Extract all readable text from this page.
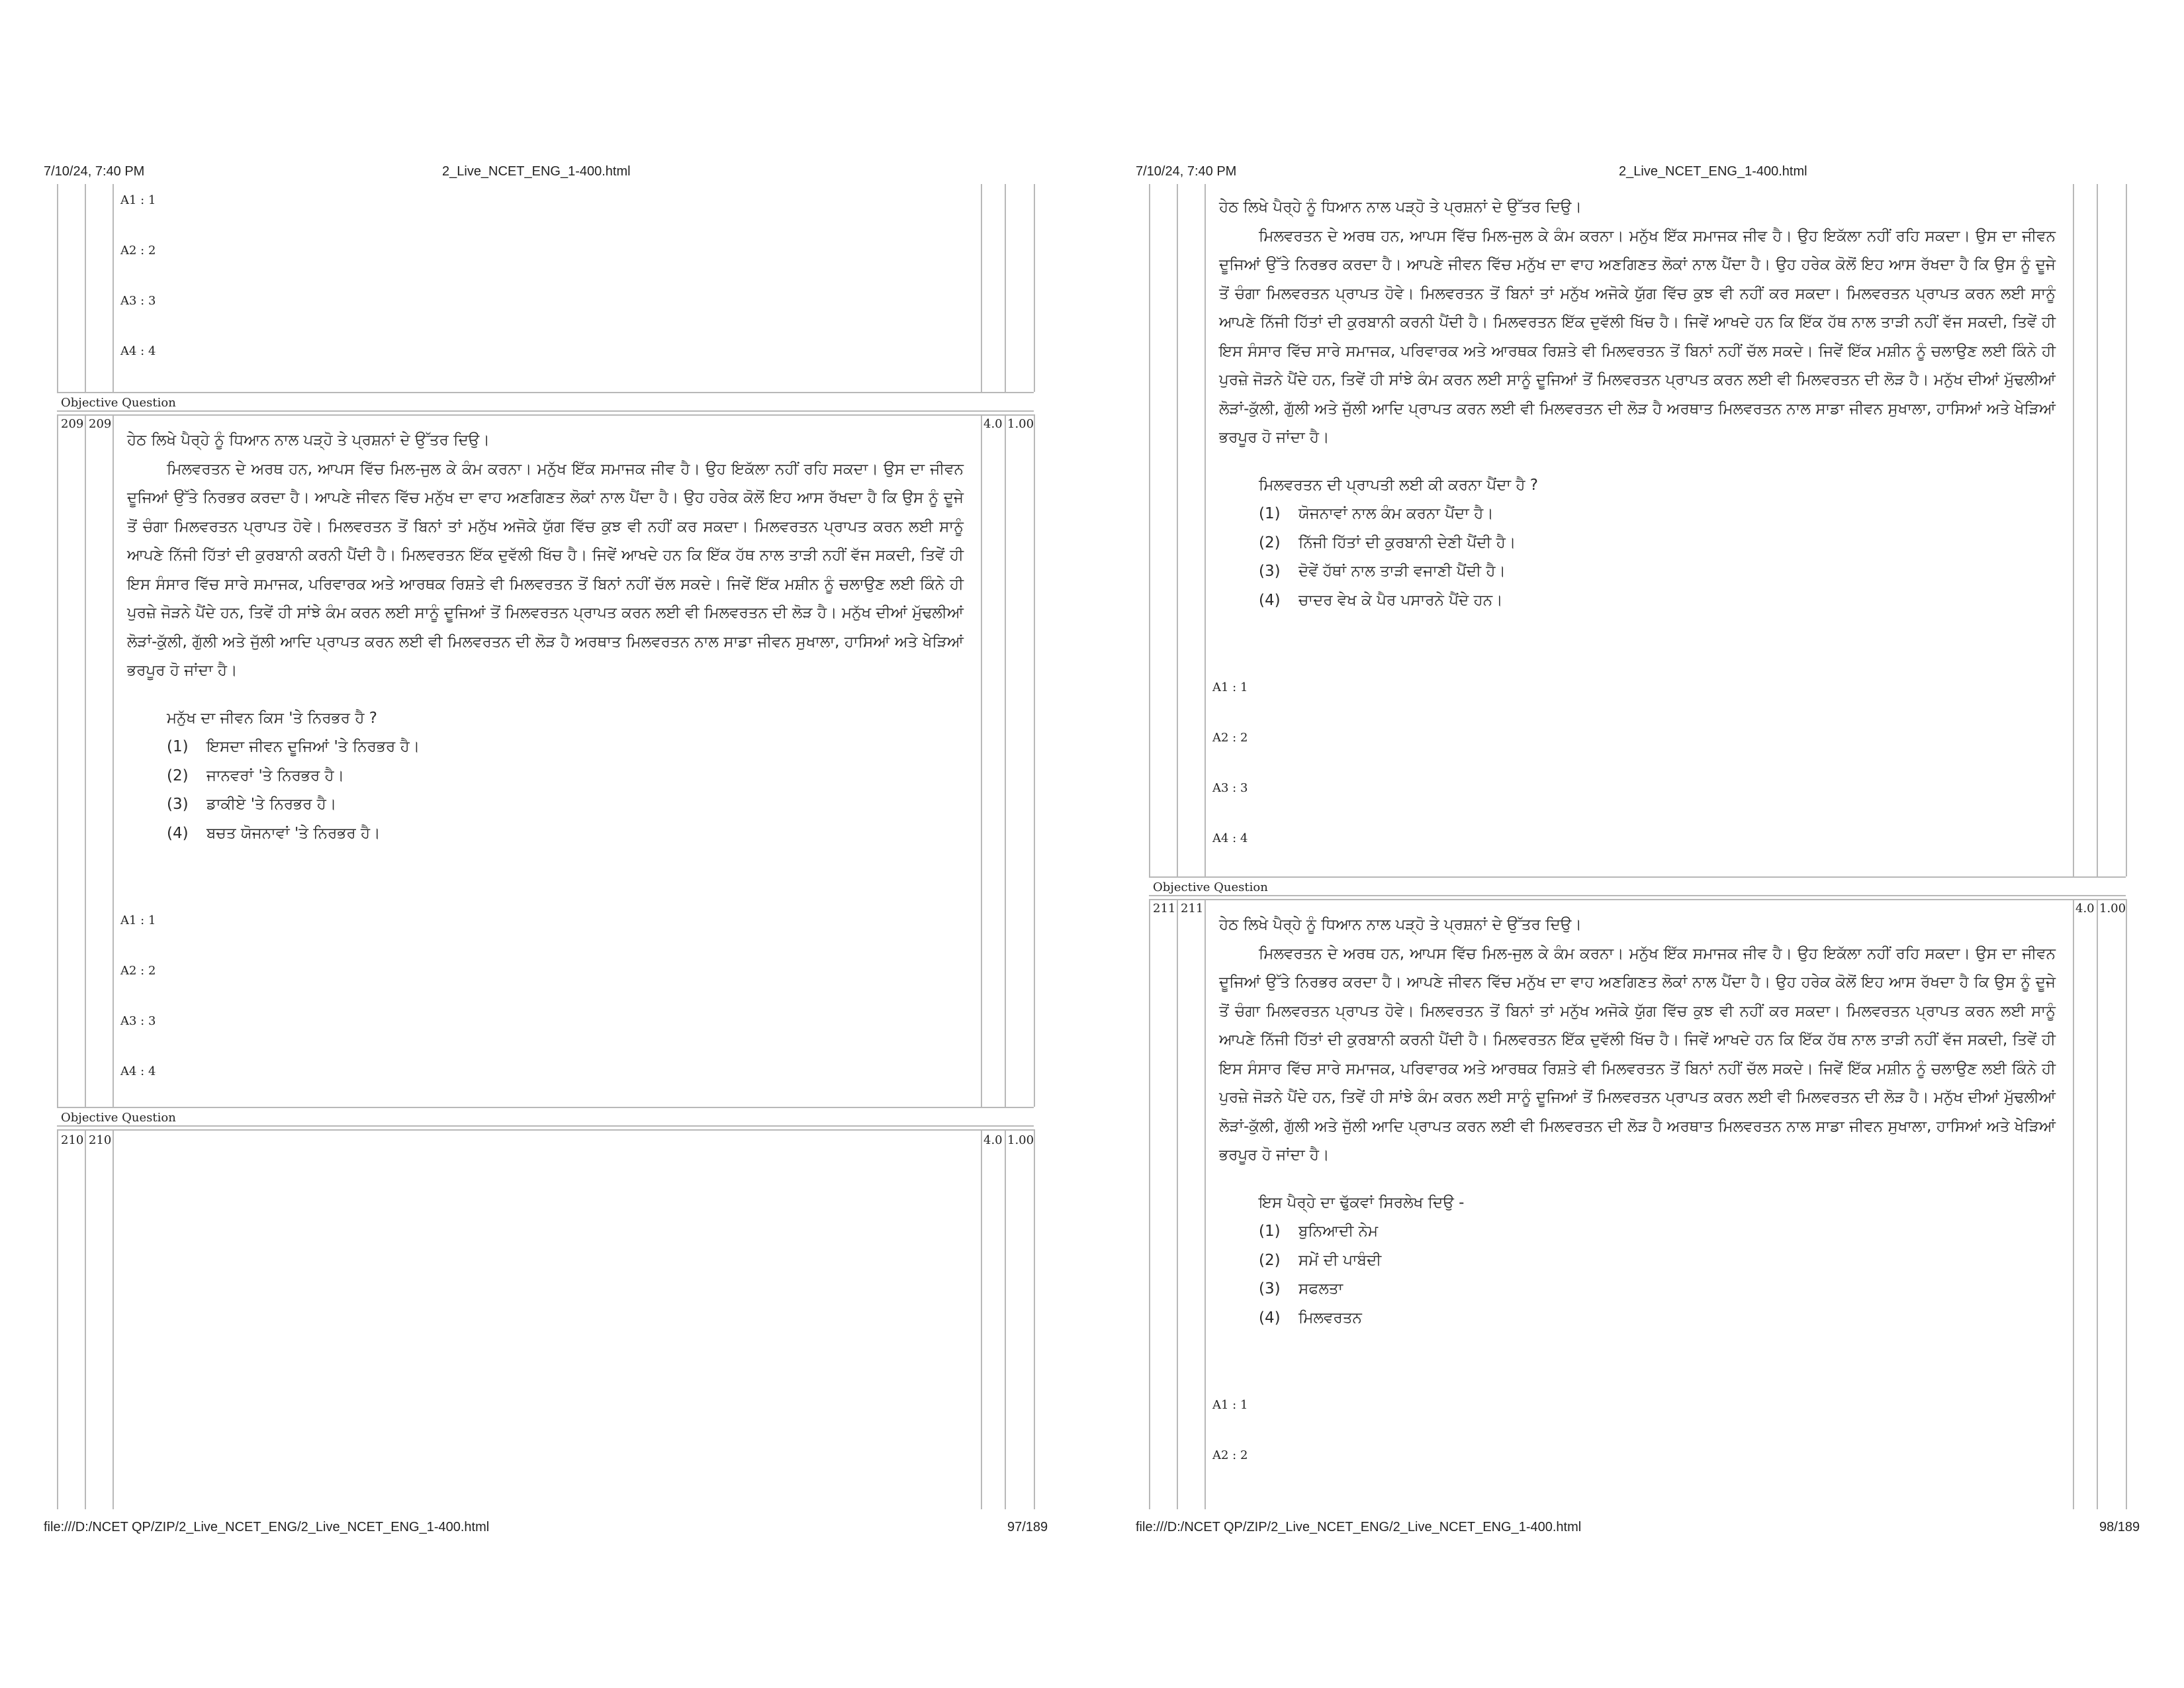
7/10/24, 7:40 PM	2_Live_NCET_ENG_1-400.html
A1 : 1
A2 : 2
A3 : 3
A4 : 4
Objective Question
209 209	4.0 1.00

ਹੇਠ ਲਿਖੇ ਪੈਰ੍ਹੇ ਨੂੰ ਧਿਆਨ ਨਾਲ ਪੜ੍ਹੋ ਤੇ ਪ੍ਰਸ਼ਨਾਂ ਦੇ ਉੱਤਰ ਦਿਉ।

ਮਿਲਵਰਤਨ ਦੇ ਅਰਥ ਹਨ, ਆਪਸ ਵਿੱਚ ਮਿਲ-ਜੁਲ ਕੇ ਕੰਮ ਕਰਨਾ। ਮਨੁੱਖ ਇੱਕ ਸਮਾਜਕ ਜੀਵ ਹੈ। ਉਹ ਇਕੱਲਾ ਨਹੀਂ ਰਹਿ ਸਕਦਾ। ਉਸ ਦਾ ਜੀਵਨ ਦੂਜਿਆਂ ਉੱਤੇ ਨਿਰਭਰ ਕਰਦਾ ਹੈ। ਆਪਣੇ ਜੀਵਨ ਵਿੱਚ ਮਨੁੱਖ ਦਾ ਵਾਹ ਅਣਗਿਣਤ ਲੋਕਾਂ ਨਾਲ ਪੈਂਦਾ ਹੈ। ਉਹ ਹਰੇਕ ਕੋਲੋਂ ਇਹ ਆਸ ਰੱਖਦਾ ਹੈ ਕਿ ਉਸ ਨੂੰ ਦੂਜੇ ਤੋਂ ਚੰਗਾ ਮਿਲਵਰਤਨ ਪ੍ਰਾਪਤ ਹੋਵੇ। ਮਿਲਵਰਤਨ ਤੋਂ ਬਿਨਾਂ ਤਾਂ ਮਨੁੱਖ ਅਜੋਕੇ ਯੁੱਗ ਵਿੱਚ ਕੁਝ ਵੀ ਨਹੀਂ ਕਰ ਸਕਦਾ। ਮਿਲਵਰਤਨ ਪ੍ਰਾਪਤ ਕਰਨ ਲਈ ਸਾਨੂੰ ਆਪਣੇ ਨਿੱਜੀ ਹਿੱਤਾਂ ਦੀ ਕੁਰਬਾਨੀ ਕਰਨੀ ਪੈਂਦੀ ਹੈ। ਮਿਲਵਰਤਨ ਇੱਕ ਦੁਵੱਲੀ ਖਿੱਚ ਹੈ। ਜਿਵੇਂ ਆਖਦੇ ਹਨ ਕਿ ਇੱਕ ਹੱਥ ਨਾਲ ਤਾੜੀ ਨਹੀਂ ਵੱਜ ਸਕਦੀ, ਤਿਵੇਂ ਹੀ ਇਸ ਸੰਸਾਰ ਵਿੱਚ ਸਾਰੇ ਸਮਾਜਕ, ਪਰਿਵਾਰਕ ਅਤੇ ਆਰਥਕ ਰਿਸ਼ਤੇ ਵੀ ਮਿਲਵਰਤਨ ਤੋਂ ਬਿਨਾਂ ਨਹੀਂ ਚੱਲ ਸਕਦੇ। ਜਿਵੇਂ ਇੱਕ ਮਸ਼ੀਨ ਨੂੰ ਚਲਾਉਣ ਲਈ ਕਿੰਨੇ ਹੀ ਪੁਰਜ਼ੇ ਜੋੜਨੇ ਪੈਂਦੇ ਹਨ, ਤਿਵੇਂ ਹੀ ਸਾਂਝੇ ਕੰਮ ਕਰਨ ਲਈ ਸਾਨੂੰ ਦੂਜਿਆਂ ਤੋਂ ਮਿਲਵਰਤਨ ਪ੍ਰਾਪਤ ਕਰਨ ਲਈ ਵੀ ਮਿਲਵਰਤਨ ਦੀ ਲੋੜ ਹੈ। ਮਨੁੱਖ ਦੀਆਂ ਮੁੱਢਲੀਆਂ ਲੋੜਾਂ-ਕੁੱਲੀ, ਗੁੱਲੀ ਅਤੇ ਜੁੱਲੀ ਆਦਿ ਪ੍ਰਾਪਤ ਕਰਨ ਲਈ ਵੀ ਮਿਲਵਰਤਨ ਦੀ ਲੋੜ ਹੈ ਅਰਥਾਤ ਮਿਲਵਰਤਨ ਨਾਲ ਸਾਡਾ ਜੀਵਨ ਸੁਖਾਲਾ, ਹਾਸਿਆਂ ਅਤੇ ਖੇੜਿਆਂ ਭਰਪੂਰ ਹੋ ਜਾਂਦਾ ਹੈ।

ਮਨੁੱਖ ਦਾ ਜੀਵਨ ਕਿਸ 'ਤੇ ਨਿਰਭਰ ਹੈ ?

(1)	ਇਸਦਾ ਜੀਵਨ ਦੂਜਿਆਂ 'ਤੇ ਨਿਰਭਰ ਹੈ।
(2)	ਜਾਨਵਰਾਂ 'ਤੇ ਨਿਰਭਰ ਹੈ।
(3)	ਡਾਕੀਏ 'ਤੇ ਨਿਰਭਰ ਹੈ।
(4)	ਬਚਤ ਯੋਜਨਾਵਾਂ 'ਤੇ ਨਿਰਭਰ ਹੈ।
A1 : 1
A2 : 2
A3 : 3
A4 : 4
Objective Question
210 210	4.0 1.00
file:///D:/NCET QP/ZIP/2_Live_NCET_ENG/2_Live_NCET_ENG_1-400.html	97/189
7/10/24, 7:40 PM	2_Live_NCET_ENG_1-400.html

ਹੇਠ ਲਿਖੇ ਪੈਰ੍ਹੇ ਨੂੰ ਧਿਆਨ ਨਾਲ ਪੜ੍ਹੋ ਤੇ ਪ੍ਰਸ਼ਨਾਂ ਦੇ ਉੱਤਰ ਦਿਉ।

ਮਿਲਵਰਤਨ ਦੇ ਅਰਥ ਹਨ, ਆਪਸ ਵਿੱਚ ਮਿਲ-ਜੁਲ ਕੇ ਕੰਮ ਕਰਨਾ। ਮਨੁੱਖ ਇੱਕ ਸਮਾਜਕ ਜੀਵ ਹੈ। ਉਹ ਇਕੱਲਾ ਨਹੀਂ ਰਹਿ ਸਕਦਾ। ਉਸ ਦਾ ਜੀਵਨ ਦੂਜਿਆਂ ਉੱਤੇ ਨਿਰਭਰ ਕਰਦਾ ਹੈ। ਆਪਣੇ ਜੀਵਨ ਵਿੱਚ ਮਨੁੱਖ ਦਾ ਵਾਹ ਅਣਗਿਣਤ ਲੋਕਾਂ ਨਾਲ ਪੈਂਦਾ ਹੈ। ਉਹ ਹਰੇਕ ਕੋਲੋਂ ਇਹ ਆਸ ਰੱਖਦਾ ਹੈ ਕਿ ਉਸ ਨੂੰ ਦੂਜੇ ਤੋਂ ਚੰਗਾ ਮਿਲਵਰਤਨ ਪ੍ਰਾਪਤ ਹੋਵੇ। ਮਿਲਵਰਤਨ ਤੋਂ ਬਿਨਾਂ ਤਾਂ ਮਨੁੱਖ ਅਜੋਕੇ ਯੁੱਗ ਵਿੱਚ ਕੁਝ ਵੀ ਨਹੀਂ ਕਰ ਸਕਦਾ। ਮਿਲਵਰਤਨ ਪ੍ਰਾਪਤ ਕਰਨ ਲਈ ਸਾਨੂੰ ਆਪਣੇ ਨਿੱਜੀ ਹਿੱਤਾਂ ਦੀ ਕੁਰਬਾਨੀ ਕਰਨੀ ਪੈਂਦੀ ਹੈ। ਮਿਲਵਰਤਨ ਇੱਕ ਦੁਵੱਲੀ ਖਿੱਚ ਹੈ। ਜਿਵੇਂ ਆਖਦੇ ਹਨ ਕਿ ਇੱਕ ਹੱਥ ਨਾਲ ਤਾੜੀ ਨਹੀਂ ਵੱਜ ਸਕਦੀ, ਤਿਵੇਂ ਹੀ ਇਸ ਸੰਸਾਰ ਵਿੱਚ ਸਾਰੇ ਸਮਾਜਕ, ਪਰਿਵਾਰਕ ਅਤੇ ਆਰਥਕ ਰਿਸ਼ਤੇ ਵੀ ਮਿਲਵਰਤਨ ਤੋਂ ਬਿਨਾਂ ਨਹੀਂ ਚੱਲ ਸਕਦੇ। ਜਿਵੇਂ ਇੱਕ ਮਸ਼ੀਨ ਨੂੰ ਚਲਾਉਣ ਲਈ ਕਿੰਨੇ ਹੀ ਪੁਰਜ਼ੇ ਜੋੜਨੇ ਪੈਂਦੇ ਹਨ, ਤਿਵੇਂ ਹੀ ਸਾਂਝੇ ਕੰਮ ਕਰਨ ਲਈ ਸਾਨੂੰ ਦੂਜਿਆਂ ਤੋਂ ਮਿਲਵਰਤਨ ਪ੍ਰਾਪਤ ਕਰਨ ਲਈ ਵੀ ਮਿਲਵਰਤਨ ਦੀ ਲੋੜ ਹੈ। ਮਨੁੱਖ ਦੀਆਂ ਮੁੱਢਲੀਆਂ ਲੋੜਾਂ-ਕੁੱਲੀ, ਗੁੱਲੀ ਅਤੇ ਜੁੱਲੀ ਆਦਿ ਪ੍ਰਾਪਤ ਕਰਨ ਲਈ ਵੀ ਮਿਲਵਰਤਨ ਦੀ ਲੋੜ ਹੈ ਅਰਥਾਤ ਮਿਲਵਰਤਨ ਨਾਲ ਸਾਡਾ ਜੀਵਨ ਸੁਖਾਲਾ, ਹਾਸਿਆਂ ਅਤੇ ਖੇੜਿਆਂ ਭਰਪੂਰ ਹੋ ਜਾਂਦਾ ਹੈ।

ਮਿਲਵਰਤਨ ਦੀ ਪ੍ਰਾਪਤੀ ਲਈ ਕੀ ਕਰਨਾ ਪੈਂਦਾ ਹੈ ?

(1)	ਯੋਜਨਾਵਾਂ ਨਾਲ ਕੰਮ ਕਰਨਾ ਪੈਂਦਾ ਹੈ।
(2)	ਨਿੱਜੀ ਹਿੱਤਾਂ ਦੀ ਕੁਰਬਾਨੀ ਦੇਣੀ ਪੈਂਦੀ ਹੈ।
(3)	ਦੋਵੇਂ ਹੱਥਾਂ ਨਾਲ ਤਾੜੀ ਵਜਾਣੀ ਪੈਂਦੀ ਹੈ।
(4)	ਚਾਦਰ ਵੇਖ ਕੇ ਪੈਰ ਪਸਾਰਨੇ ਪੈਂਦੇ ਹਨ।
A1 : 1
A2 : 2
A3 : 3
A4 : 4
Objective Question
211 211	4.0 1.00

ਹੇਠ ਲਿਖੇ ਪੈਰ੍ਹੇ ਨੂੰ ਧਿਆਨ ਨਾਲ ਪੜ੍ਹੋ ਤੇ ਪ੍ਰਸ਼ਨਾਂ ਦੇ ਉੱਤਰ ਦਿਉ।

ਮਿਲਵਰਤਨ ਦੇ ਅਰਥ ਹਨ, ਆਪਸ ਵਿੱਚ ਮਿਲ-ਜੁਲ ਕੇ ਕੰਮ ਕਰਨਾ। ਮਨੁੱਖ ਇੱਕ ਸਮਾਜਕ ਜੀਵ ਹੈ। ਉਹ ਇਕੱਲਾ ਨਹੀਂ ਰਹਿ ਸਕਦਾ। ਉਸ ਦਾ ਜੀਵਨ ਦੂਜਿਆਂ ਉੱਤੇ ਨਿਰਭਰ ਕਰਦਾ ਹੈ। ਆਪਣੇ ਜੀਵਨ ਵਿੱਚ ਮਨੁੱਖ ਦਾ ਵਾਹ ਅਣਗਿਣਤ ਲੋਕਾਂ ਨਾਲ ਪੈਂਦਾ ਹੈ। ਉਹ ਹਰੇਕ ਕੋਲੋਂ ਇਹ ਆਸ ਰੱਖਦਾ ਹੈ ਕਿ ਉਸ ਨੂੰ ਦੂਜੇ ਤੋਂ ਚੰਗਾ ਮਿਲਵਰਤਨ ਪ੍ਰਾਪਤ ਹੋਵੇ। ਮਿਲਵਰਤਨ ਤੋਂ ਬਿਨਾਂ ਤਾਂ ਮਨੁੱਖ ਅਜੋਕੇ ਯੁੱਗ ਵਿੱਚ ਕੁਝ ਵੀ ਨਹੀਂ ਕਰ ਸਕਦਾ। ਮਿਲਵਰਤਨ ਪ੍ਰਾਪਤ ਕਰਨ ਲਈ ਸਾਨੂੰ ਆਪਣੇ ਨਿੱਜੀ ਹਿੱਤਾਂ ਦੀ ਕੁਰਬਾਨੀ ਕਰਨੀ ਪੈਂਦੀ ਹੈ। ਮਿਲਵਰਤਨ ਇੱਕ ਦੁਵੱਲੀ ਖਿੱਚ ਹੈ। ਜਿਵੇਂ ਆਖਦੇ ਹਨ ਕਿ ਇੱਕ ਹੱਥ ਨਾਲ ਤਾੜੀ ਨਹੀਂ ਵੱਜ ਸਕਦੀ, ਤਿਵੇਂ ਹੀ ਇਸ ਸੰਸਾਰ ਵਿੱਚ ਸਾਰੇ ਸਮਾਜਕ, ਪਰਿਵਾਰਕ ਅਤੇ ਆਰਥਕ ਰਿਸ਼ਤੇ ਵੀ ਮਿਲਵਰਤਨ ਤੋਂ ਬਿਨਾਂ ਨਹੀਂ ਚੱਲ ਸਕਦੇ। ਜਿਵੇਂ ਇੱਕ ਮਸ਼ੀਨ ਨੂੰ ਚਲਾਉਣ ਲਈ ਕਿੰਨੇ ਹੀ ਪੁਰਜ਼ੇ ਜੋੜਨੇ ਪੈਂਦੇ ਹਨ, ਤਿਵੇਂ ਹੀ ਸਾਂਝੇ ਕੰਮ ਕਰਨ ਲਈ ਸਾਨੂੰ ਦੂਜਿਆਂ ਤੋਂ ਮਿਲਵਰਤਨ ਪ੍ਰਾਪਤ ਕਰਨ ਲਈ ਵੀ ਮਿਲਵਰਤਨ ਦੀ ਲੋੜ ਹੈ। ਮਨੁੱਖ ਦੀਆਂ ਮੁੱਢਲੀਆਂ ਲੋੜਾਂ-ਕੁੱਲੀ, ਗੁੱਲੀ ਅਤੇ ਜੁੱਲੀ ਆਦਿ ਪ੍ਰਾਪਤ ਕਰਨ ਲਈ ਵੀ ਮਿਲਵਰਤਨ ਦੀ ਲੋੜ ਹੈ ਅਰਥਾਤ ਮਿਲਵਰਤਨ ਨਾਲ ਸਾਡਾ ਜੀਵਨ ਸੁਖਾਲਾ, ਹਾਸਿਆਂ ਅਤੇ ਖੇੜਿਆਂ ਭਰਪੂਰ ਹੋ ਜਾਂਦਾ ਹੈ।

ਇਸ ਪੈਰ੍ਹੇ ਦਾ ਢੁੱਕਵਾਂ ਸਿਰਲੇਖ ਦਿਉ -

(1)	ਬੁਨਿਆਦੀ ਨੇਮ
(2)	ਸਮੇਂ ਦੀ ਪਾਬੰਦੀ
(3)	ਸਫਲਤਾ
(4)	ਮਿਲਵਰਤਨ
A1 : 1
A2 : 2
file:///D:/NCET QP/ZIP/2_Live_NCET_ENG/2_Live_NCET_ENG_1-400.html	98/189
